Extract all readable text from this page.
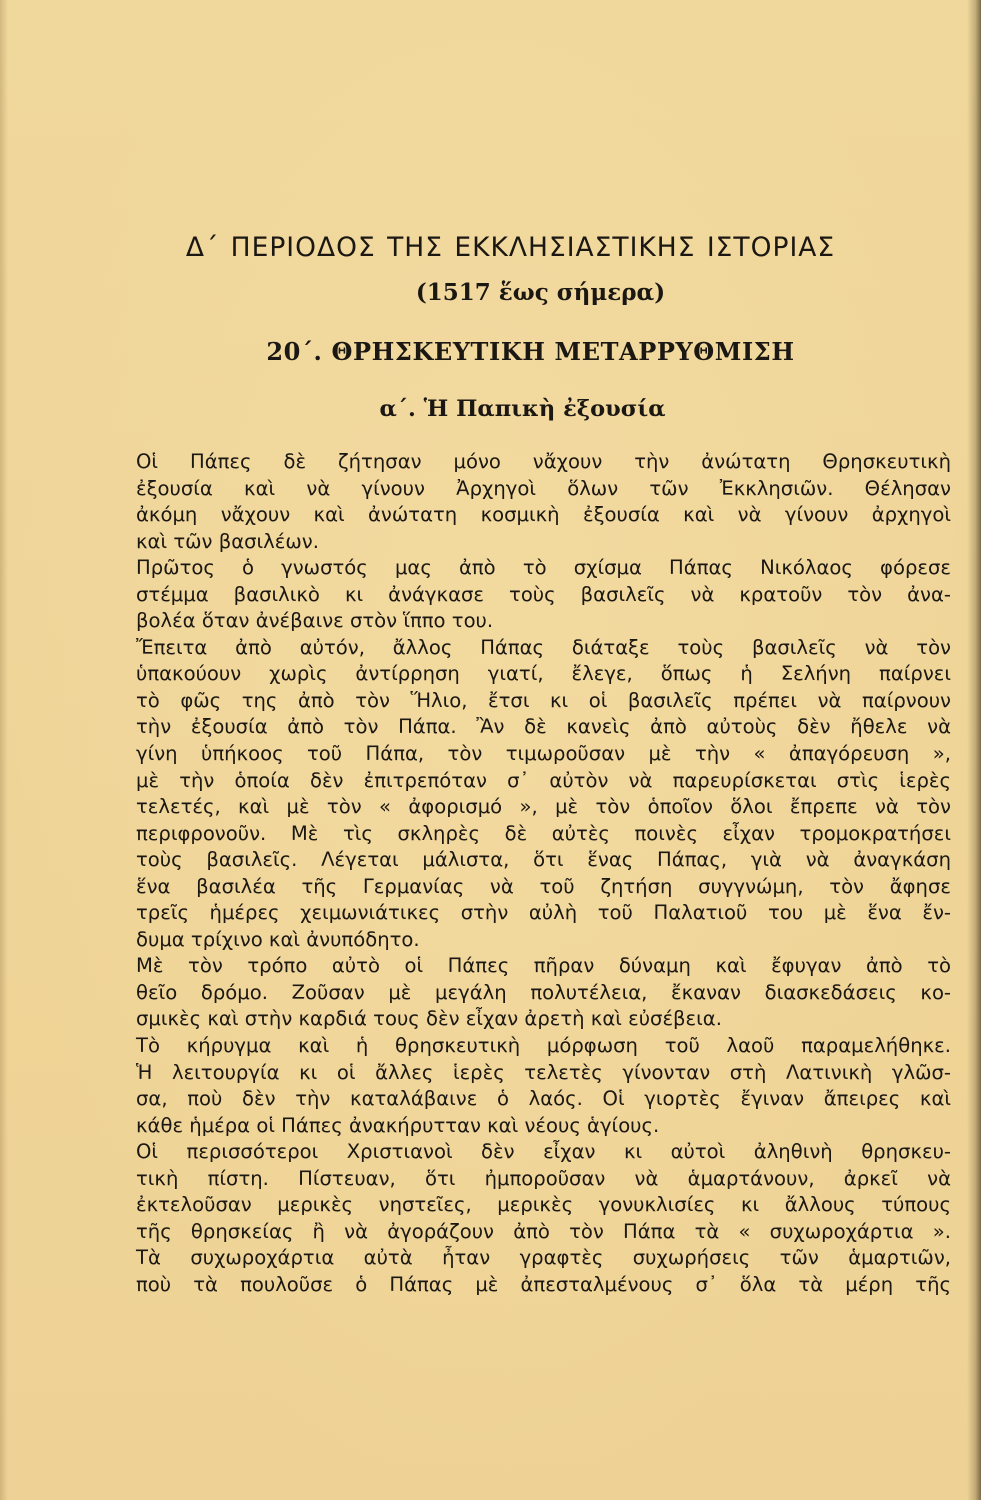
Δ΄ ΠΕΡΙΟΔΟΣ ΤΗΣ ΕΚΚΛΗΣΙΑΣΤΙΚΗΣ ΙΣΤΟΡΙΑΣ
(1517 ἕως σήμερα)
20΄. ΘΡΗΣΚΕΥΤΙΚΗ ΜΕΤΑΡΡΥΘΜΙΣΗ
α΄. Ἡ Παπικὴ ἐξουσία
Οἱ Πάπες δὲ ζήτησαν μόνο νἄχουν τὴν ἀνώτατη Θρησκευτικὴ
ἐξουσία καὶ νὰ γίνουν Ἀρχηγοὶ ὅλων τῶν Ἐκκλησιῶν. Θέλησαν
ἀκόμη νἄχουν καὶ ἀνώτατη κοσμικὴ ἐξουσία καὶ νὰ γίνουν ἀρχηγοὶ
καὶ τῶν βασιλέων.
Πρῶτος ὁ γνωστός μας ἀπὸ τὸ σχίσμα Πάπας Νικόλαος φόρεσε
στέμμα βασιλικὸ κι ἀνάγκασε τοὺς βασιλεῖς νὰ κρατοῦν τὸν ἀνα-
βολέα ὅταν ἀνέβαινε στὸν ἵππο του.
Ἔπειτα ἀπὸ αὐτόν, ἄλλος Πάπας διάταξε τοὺς βασιλεῖς νὰ τὸν
ὑπακούουν χωρὶς ἀντίρρηση γιατί, ἔλεγε, ὅπως ἡ Σελήνη παίρνει
τὸ φῶς της ἀπὸ τὸν Ἥλιο, ἔτσι κι οἱ βασιλεῖς πρέπει νὰ παίρνουν
τὴν ἐξουσία ἀπὸ τὸν Πάπα. Ἂν δὲ κανεὶς ἀπὸ αὐτοὺς δὲν ἤθελε νὰ
γίνη ὑπήκοος τοῦ Πάπα, τὸν τιμωροῦσαν μὲ τὴν « ἀπαγόρευση »,
μὲ τὴν ὁποία δὲν ἐπιτρεπόταν σ᾿ αὐτὸν νὰ παρευρίσκεται στὶς ἱερὲς
τελετές, καὶ μὲ τὸν « ἀφορισμό », μὲ τὸν ὁποῖον ὅλοι ἔπρεπε νὰ τὸν
περιφρονοῦν. Μὲ τὶς σκληρὲς δὲ αὐτὲς ποινὲς εἶχαν τρομοκρατήσει
τοὺς βασιλεῖς. Λέγεται μάλιστα, ὅτι ἕνας Πάπας, γιὰ νὰ ἀναγκάση
ἕνα βασιλέα τῆς Γερμανίας νὰ τοῦ ζητήση συγγνώμη, τὸν ἄφησε
τρεῖς ἡμέρες χειμωνιάτικες στὴν αὐλὴ τοῦ Παλατιοῦ του μὲ ἕνα ἔν-
δυμα τρίχινο καὶ ἀνυπόδητο.
Μὲ τὸν τρόπο αὐτὸ οἱ Πάπες πῆραν δύναμη καὶ ἔφυγαν ἀπὸ τὸ
θεῖο δρόμο. Ζοῦσαν μὲ μεγάλη πολυτέλεια, ἔκαναν διασκεδάσεις κο-
σμικὲς καὶ στὴν καρδιά τους δὲν εἶχαν ἀρετὴ καὶ εὐσέβεια.
Τὸ κήρυγμα καὶ ἡ θρησκευτικὴ μόρφωση τοῦ λαοῦ παραμελήθηκε.
Ἡ λειτουργία κι οἱ ἄλλες ἱερὲς τελετὲς γίνονταν στὴ Λατινικὴ γλῶσ-
σα, ποὺ δὲν τὴν καταλάβαινε ὁ λαός. Οἱ γιορτὲς ἔγιναν ἄπειρες καὶ
κάθε ἡμέρα οἱ Πάπες ἀνακήρυτταν καὶ νέους ἁγίους.
Οἱ περισσότεροι Χριστιανοὶ δὲν εἶχαν κι αὐτοὶ ἀληθινὴ θρησκευ-
τικὴ πίστη. Πίστευαν, ὅτι ἠμποροῦσαν νὰ ἁμαρτάνουν, ἀρκεῖ νὰ
ἐκτελοῦσαν μερικὲς νηστεῖες, μερικὲς γονυκλισίες κι ἄλλους τύπους
τῆς θρησκείας ἢ νὰ ἀγοράζουν ἀπὸ τὸν Πάπα τὰ « συχωροχάρτια ».
Τὰ συχωροχάρτια αὐτὰ ἦταν γραφτὲς συχωρήσεις τῶν ἁμαρτιῶν,
ποὺ τὰ πουλοῦσε ὁ Πάπας μὲ ἀπεσταλμένους σ᾿ ὅλα τὰ μέρη τῆς
